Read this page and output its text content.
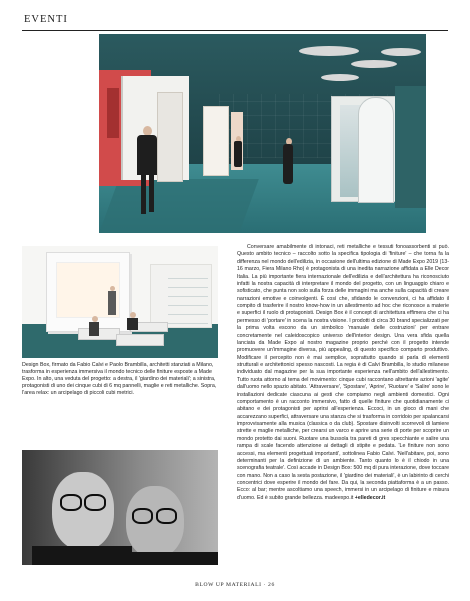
EVENTI
Design Box, firmato da Fabio Calvi e Paolo Brambilla, architetti stanziati a Milano, trasforma in esperienza immersiva il mondo tecnico delle finiture esposte a Made Expo. In alto, una veduta del progetto: a destra, il 'giardino dei materiali'; a sinistra, protagonisti di uno dei cinque cubi di 6 mq pannelli, maglie e reti metalliche. Sopra, l'area relax: un arcipelago di piccoli cubi metrici.

Conversare amabilmente di intonaci, reti metalliche e tessuti fonoassorbenti si può. Questo ambito tecnico – raccolto sotto la specifica tipologia di 'finiture' – che torna fa la differenza nel mondo dell'edilizia, in occasione dell'ultima edizione di Made Expo 2019 (13-16 marzo, Fiera Milano Rho) è protagonista di una inedita narrazione affidata a Elle Decor Italia. La più importante fiera internazionale dell'edilizia e dell'architettura ha riconosciuto infatti la nostra capacità di interpretare il mondo del progetto, con un linguaggio chiaro e sofisticato, che punta non solo sulla forza delle immagini ma anche sulla capacità di creare narrazioni emotive e coinvolgenti. È così che, sfidando le convenzioni, ci ha affidato il compito di trasferire il nostro know-how in un allestimento ad hoc che riconosce a materie e superfici il ruolo di protagonisti. Design Box è il concept di architettura effimera che ci ha permesso di 'portare' in scena la nostra visione. I prodotti di circa 30 brand specializzati per la prima volta escono da un simbolico 'manuale delle costruzioni' per entrare concretamente nel caleidoscopico universo dell'interior design. Una vera sfida quella lanciata da Made Expo al nostro magazine proprio perché con il progetto intende promuovere un'immagine diversa, più appealing, di questo specifico comparto produttivo. Modificare il percepito non è mai semplice, soprattutto quando si parla di elementi strutturali e architettonici spesso nascosti. La regia è di Calvi Brambilla, lo studio milanese individuato dal magazine per la sua importante esperienza nell'ambito dell'allestimento. Tutto ruota attorno al tema del movimento: cinque cubi raccontano altrettante azioni 'agite' dall'uomo nello spazio abitato. 'Attraversare', 'Spostare', 'Aprire', 'Ruotare' e 'Salire' sono le installazioni dedicate ciascuna ai gesti che compiamo negli ambienti domestici. Ogni comportamento è un racconto immersivo, fatto di quelle finiture che quotidianamente ci abitano e dei protagonisti per aprirsi all'esperienza. Eccoci, in un gioco di mani che accarezzano superfici, attraversare una stanza che si trasforma in corridoio per spalancarsi improvvisamente alla musica (classica o da club). Spostare disinvolti scorrevoli di lamiere strette e maglie metalliche, per crearsi un varco e aprire una serie di porte per scoprire un mondo protetto dai suoni. Ruotare una bussola tra pareti di gres specchiante e salire una rampa di scale facendo attenzione ai dettagli di stipite e pedata. 'Le finiture non sono accessi, ma elementi progettuali importanti', sottolinea Fabio Calvi. 'Nell'abitare, poi, sono determinanti per la definizione di un ambiente. Tanto quanto lo è il chiodo in una scenografia teatrale'. Così accade in Design Box: 500 mq di pura interazione, dove toccare con mano. Non a caso la sesta postazione, il 'giardino dei materiali', è un labirinto di cerchi concentrici dove esperire il mondo del fare. Da qui, la seconda piattaforma è a un passo. Ecco: al bar; mentre ascoltiamo una speech, immersi in un arcipelago di finiture e misura d'uomo. Ed è subito grande bellezza. madeexpo.it +elledecor.it

BLOW UP MATERIALI · 26
